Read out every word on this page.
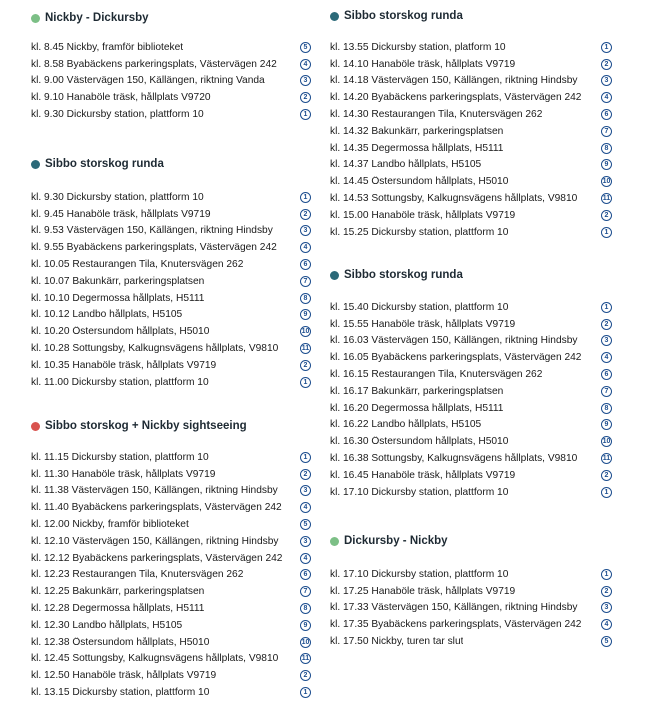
Nickby - Dickursby
kl. 8.45 Nickby, framför biblioteket	5
kl. 8.58 Byabäckens parkeringsplats, Västervägen 242	4
kl. 9.00 Västervägen 150, Källängen, riktning Vanda	3
kl. 9.10 Hanaböle träsk, hållplats V9720	2
kl. 9.30 Dickursby station, plattform 10	1
Sibbo storskog runda
kl. 9.30 Dickursby station, plattform 10	1
kl. 9.45 Hanaböle träsk, hållplats V9719	2
kl. 9.53 Västervägen 150, Källängen, riktning Hindsby	3
kl. 9.55 Byabäckens parkeringsplats, Västervägen 242	4
kl. 10.05 Restaurangen Tila, Knutersvägen 262	6
kl. 10.07 Bakunkärr, parkeringsplatsen	7
kl. 10.10 Degermossa hållplats, H5111	8
kl. 10.12 Landbo hållplats, H5105	9
kl. 10.20 Östersundom hållplats, H5010	10
kl. 10.28 Sottungsby, Kalkugnsvägens hållplats, V9810	11
kl. 10.35 Hanaböle träsk, hållplats V9719	2
kl. 11.00 Dickursby station, plattform 10	1
Sibbo storskog + Nickby sightseeing
kl. 11.15 Dickursby station, plattform 10	1
kl. 11.30 Hanaböle träsk, hållplats V9719	2
kl. 11.38 Västervägen 150, Källängen, riktning Hindsby	3
kl. 11.40 Byabäckens parkeringsplats, Västervägen 242	4
kl. 12.00 Nickby, framför biblioteket	5
kl. 12.10 Västervägen 150, Källängen, riktning Hindsby	3
kl. 12.12 Byabäckens parkeringsplats, Västervägen 242	4
kl. 12.23 Restaurangen Tila, Knutersvägen 262	6
kl. 12.25 Bakunkärr, parkeringsplatsen	7
kl. 12.28 Degermossa hållplats, H5111	8
kl. 12.30 Landbo hållplats, H5105	9
kl. 12.38 Östersundom hållplats, H5010	10
kl. 12.45 Sottungsby, Kalkugnsvägens hållplats, V9810	11
kl. 12.50 Hanaböle träsk, hållplats V9719	2
kl. 13.15 Dickursby station, plattform 10	1
Sibbo storskog runda
kl. 13.55 Dickursby station, platform 10	1
kl. 14.10 Hanaböle träsk, hållplats V9719	2
kl. 14.18 Västervägen 150, Källängen, riktning Hindsby	3
kl. 14.20 Byabäckens parkeringsplats, Västervägen 242	4
kl. 14.30 Restaurangen Tila, Knutersvägen 262	6
kl. 14.32 Bakunkärr, parkeringsplatsen	7
kl. 14.35 Degermossa hållplats, H5111	8
kl. 14.37 Landbo hållplats, H5105	9
kl. 14.45 Östersundom hållplats, H5010	10
kl. 14.53 Sottungsby, Kalkugnsvägens hållplats, V9810	11
kl. 15.00 Hanaböle träsk, hållplats V9719	2
kl. 15.25 Dickursby station, plattform 10	1
Sibbo storskog runda
kl. 15.40 Dickursby station, plattform 10	1
kl. 15.55 Hanaböle träsk, hållplats V9719	2
kl. 16.03 Västervägen 150, Källängen, riktning Hindsby	3
kl. 16.05 Byabäckens parkeringsplats, Västervägen 242	4
kl. 16.15 Restaurangen Tila, Knutersvägen 262	6
kl. 16.17 Bakunkärr, parkeringsplatsen	7
kl. 16.20 Degermossa hållplats, H5111	8
kl. 16.22 Landbo hållplats, H5105	9
kl. 16.30 Östersundom hållplats, H5010	10
kl. 16.38 Sottungsby, Kalkugnsvägens hållplats, V9810	11
kl. 16.45 Hanaböle träsk, hållplats V9719	2
kl. 17.10 Dickursby station, plattform 10	1
Dickursby - Nickby
kl. 17.10 Dickursby station, plattform 10	1
kl. 17.25 Hanaböle träsk, hållplats V9719	2
kl. 17.33 Västervägen 150, Källängen, riktning Hindsby	3
kl. 17.35 Byabäckens parkeringsplats, Västervägen 242	4
kl. 17.50 Nickby, turen tar slut	5
